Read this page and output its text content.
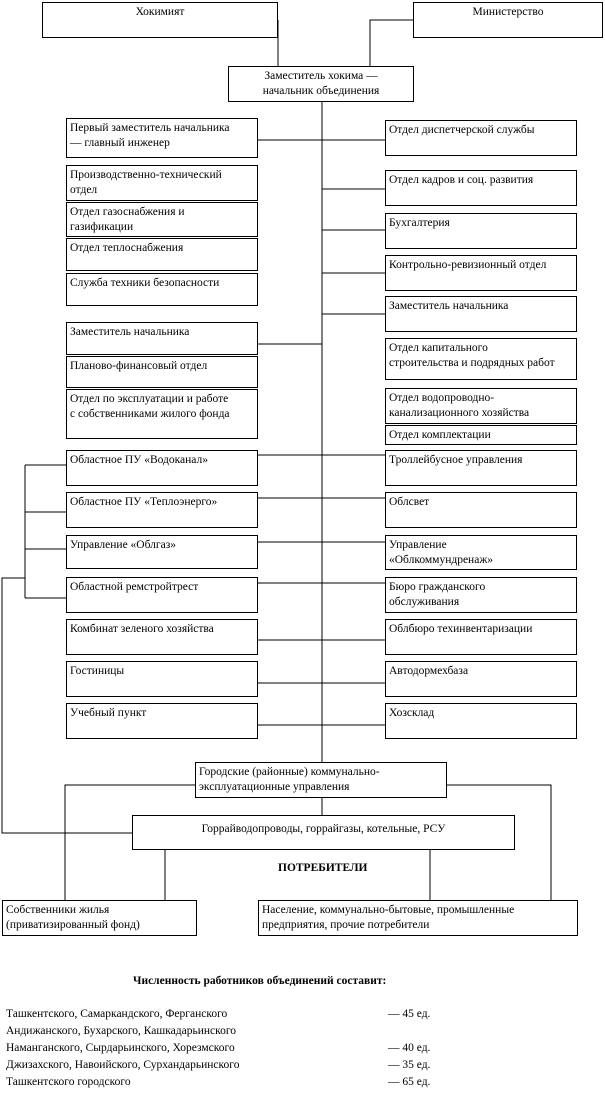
Хокимият	Министерство
Заместитель хокима —
начальник объединения
Первый заместитель начальника
— главный инженер
Производственно-технический
отдел
Отдел газоснабжения и
газификации
Отдел теплоснабжения
Служба техники безопасности
Заместитель начальника
Планово-финансовый отдел
Отдел по эксплуатации и работе
с собственниками жилого фонда
Областное ПУ «Водоканал»
Областное ПУ «Теплоэнерго»
Управление «Облгаз»
Областной ремстройтрест
Комбинат зеленого хозяйства
Гостиницы
Учебный пункт
Отдел диспетчерской службы
Отдел кадров и соц. развития
Бухгалтерия
Контрольно-ревизионный отдел
Заместитель начальника
Отдел капитального
строительства и подрядных работ
Отдел водопроводно-
канализационного хозяйства
Отдел комплектации
Троллейбусное управления
Облсвет
Управление
«Облкоммундренаж»
Бюро гражданского
обслуживания
Облбюро техинвентаризации
Автодормехбаза
Хозсклад
Городские (районные) коммунально-
эксплуатационные управления
Горрайводопроводы, горрайгазы, котельные, РСУ
ПОТРЕБИТЕЛИ
Собственники жилья
(приватизированный фонд)
Население, коммунально-бытовые, промышленные
предприятия, прочие потребители
Численность работников объединений составит:
Ташкентского, Самаркандского, Ферганского	— 45 ед.
Андижанского, Бухарского, Кашкадарьинского
Наманганского, Сырдарьинского, Хорезмского	— 40 ед.
Джизахского, Навоийского, Сурхандарьинского	— 35 ед.
Ташкентского городского	— 65 ед.
